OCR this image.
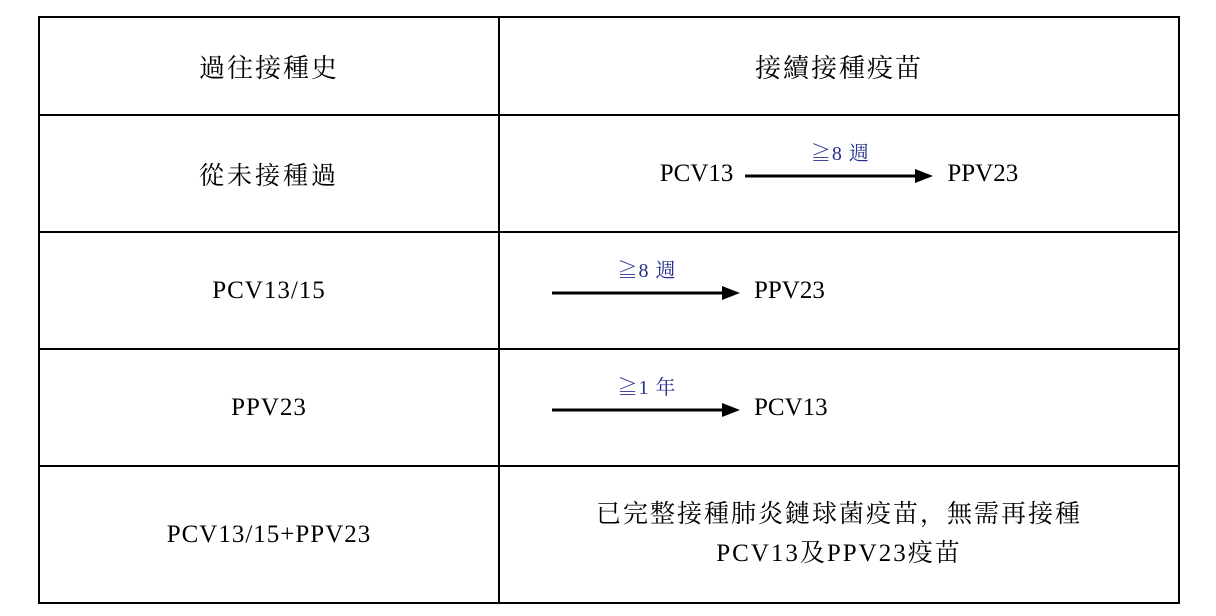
過往接種史	接續接種疫苗

從未接種過	PCV13
≧8 週
PPV23

PCV13/15	≧8 週
PPV23

PPV23	≧1 年
PCV13

PCV13/15+PPV23	已完整接種肺炎鏈球菌疫苗，無需再接種
PCV13及PPV23疫苗
